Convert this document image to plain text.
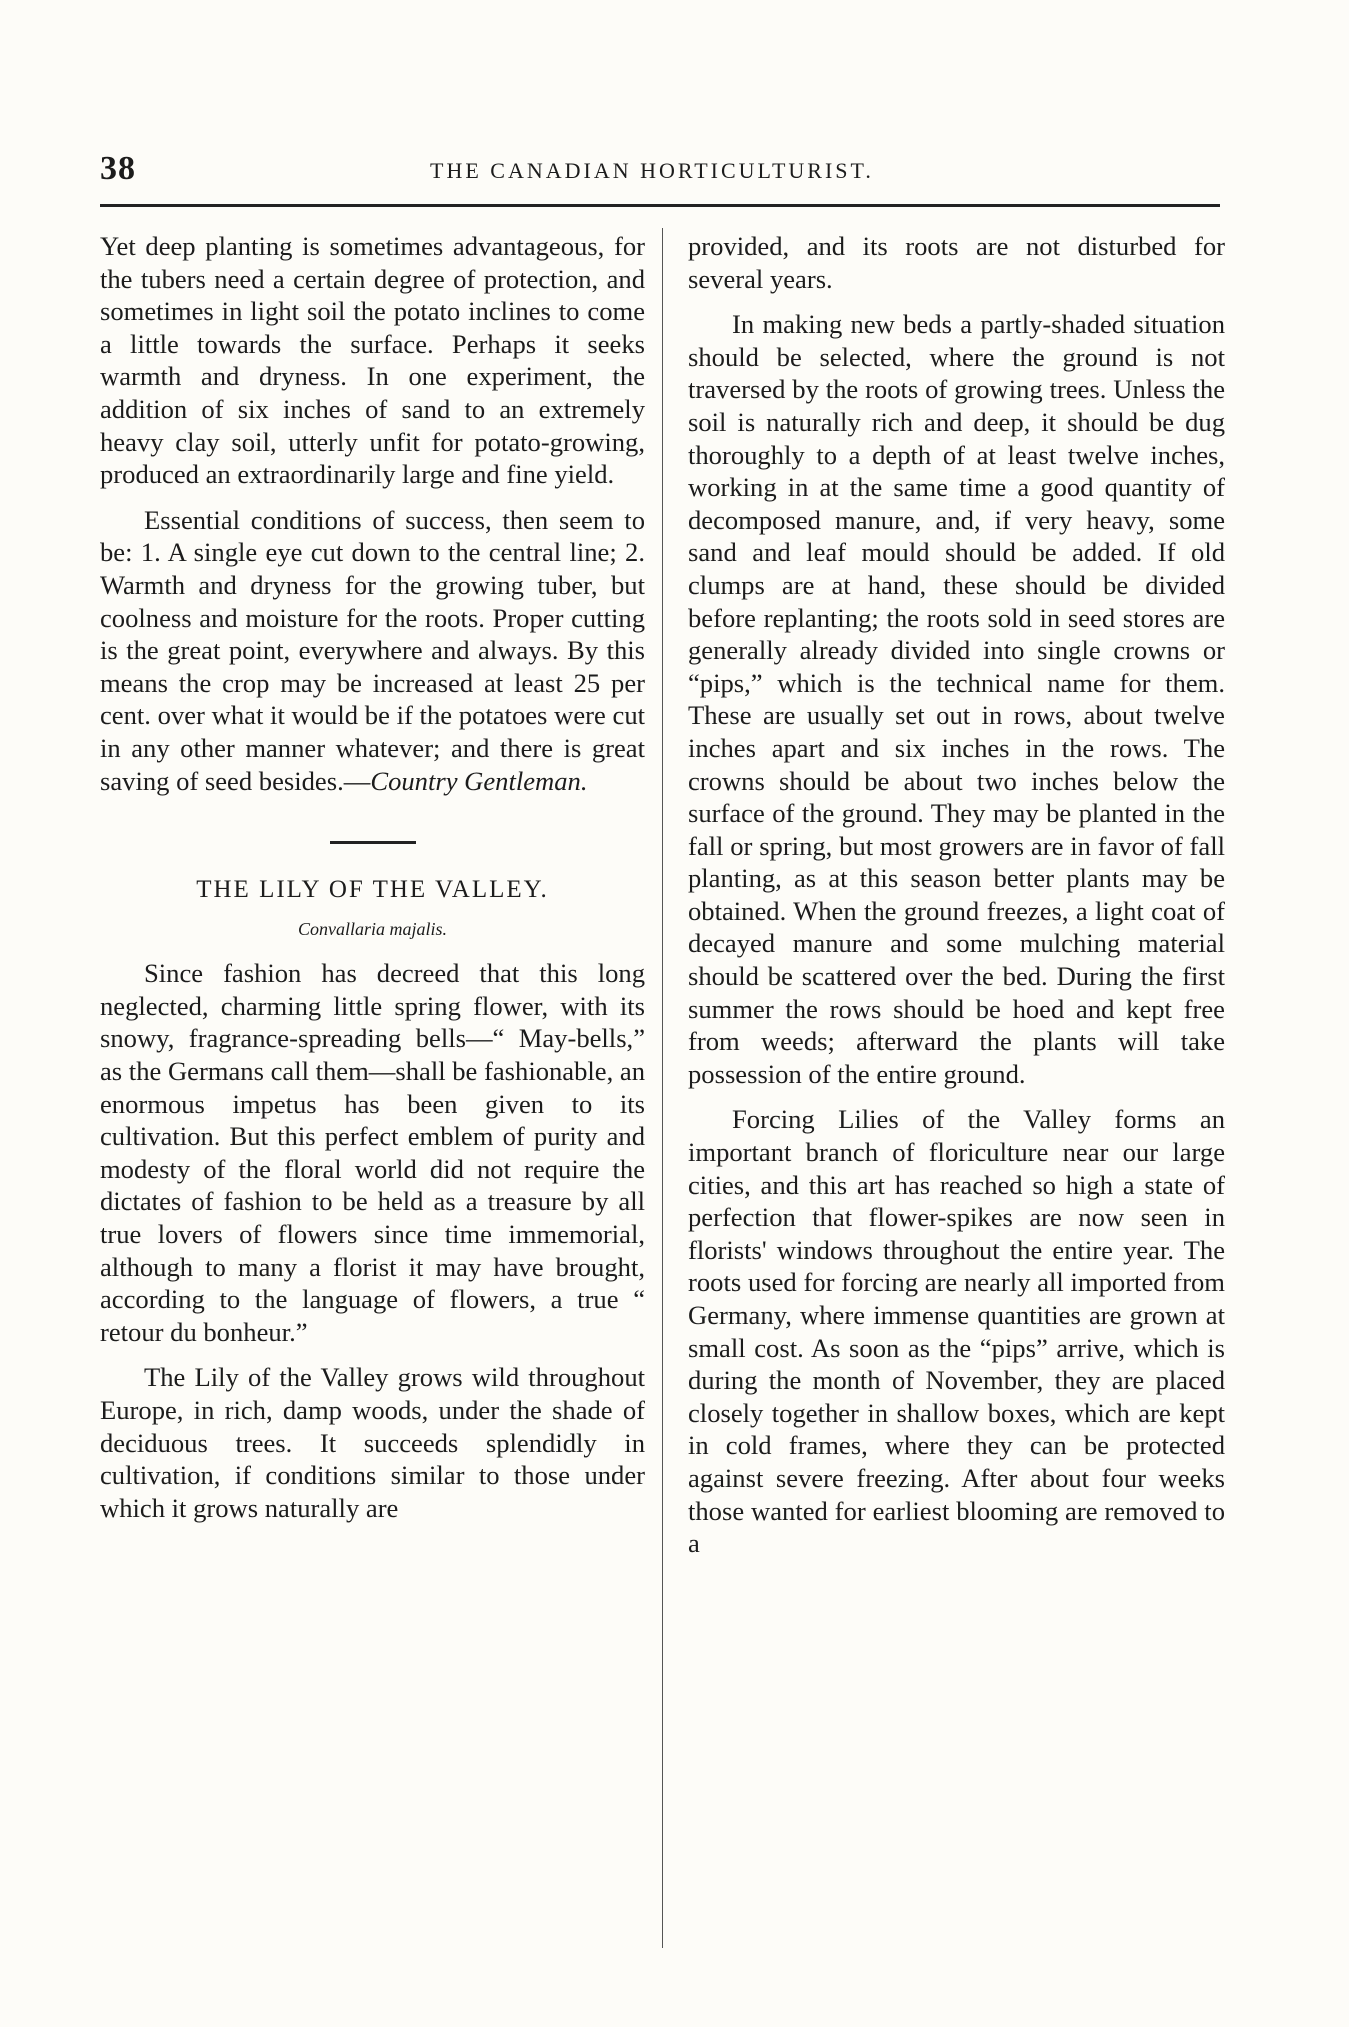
38	THE CANADIAN HORTICULTURIST.

Yet deep planting is sometimes advantageous, for the tubers need a certain degree of protection, and sometimes in light soil the potato inclines to come a little towards the surface. Perhaps it seeks warmth and dryness. In one experiment, the addition of six inches of sand to an extremely heavy clay soil, utterly unfit for potato-growing, produced an extraordinarily large and fine yield.

Essential conditions of success, then seem to be: 1. A single eye cut down to the central line; 2. Warmth and dryness for the growing tuber, but coolness and moisture for the roots. Proper cutting is the great point, everywhere and always. By this means the crop may be increased at least 25 per cent. over what it would be if the potatoes were cut in any other manner whatever; and there is great saving of seed besides.—Country Gentleman.

THE LILY OF THE VALLEY.
Convallaria majalis.

Since fashion has decreed that this long neglected, charming little spring flower, with its snowy, fragrance-spreading bells—“ May-bells,” as the Germans call them—shall be fashionable, an enormous impetus has been given to its cultivation. But this perfect emblem of purity and modesty of the floral world did not require the dictates of fashion to be held as a treasure by all true lovers of flowers since time immemorial, although to many a florist it may have brought, according to the language of flowers, a true “ retour du bonheur.”

The Lily of the Valley grows wild throughout Europe, in rich, damp woods, under the shade of deciduous trees. It succeeds splendidly in cultivation, if conditions similar to those under which it grows naturally are

provided, and its roots are not disturbed for several years.

In making new beds a partly-shaded situation should be selected, where the ground is not traversed by the roots of growing trees. Unless the soil is naturally rich and deep, it should be dug thoroughly to a depth of at least twelve inches, working in at the same time a good quantity of decomposed manure, and, if very heavy, some sand and leaf mould should be added. If old clumps are at hand, these should be divided before replanting; the roots sold in seed stores are generally already divided into single crowns or “pips,” which is the technical name for them. These are usually set out in rows, about twelve inches apart and six inches in the rows. The crowns should be about two inches below the surface of the ground. They may be planted in the fall or spring, but most growers are in favor of fall planting, as at this season better plants may be obtained. When the ground freezes, a light coat of decayed manure and some mulching material should be scattered over the bed. During the first summer the rows should be hoed and kept free from weeds; afterward the plants will take possession of the entire ground.

Forcing Lilies of the Valley forms an important branch of floriculture near our large cities, and this art has reached so high a state of perfection that flower-spikes are now seen in florists' windows throughout the entire year. The roots used for forcing are nearly all imported from Germany, where immense quantities are grown at small cost. As soon as the “pips” arrive, which is during the month of November, they are placed closely together in shallow boxes, which are kept in cold frames, where they can be protected against severe freezing. After about four weeks those wanted for earliest blooming are removed to a
